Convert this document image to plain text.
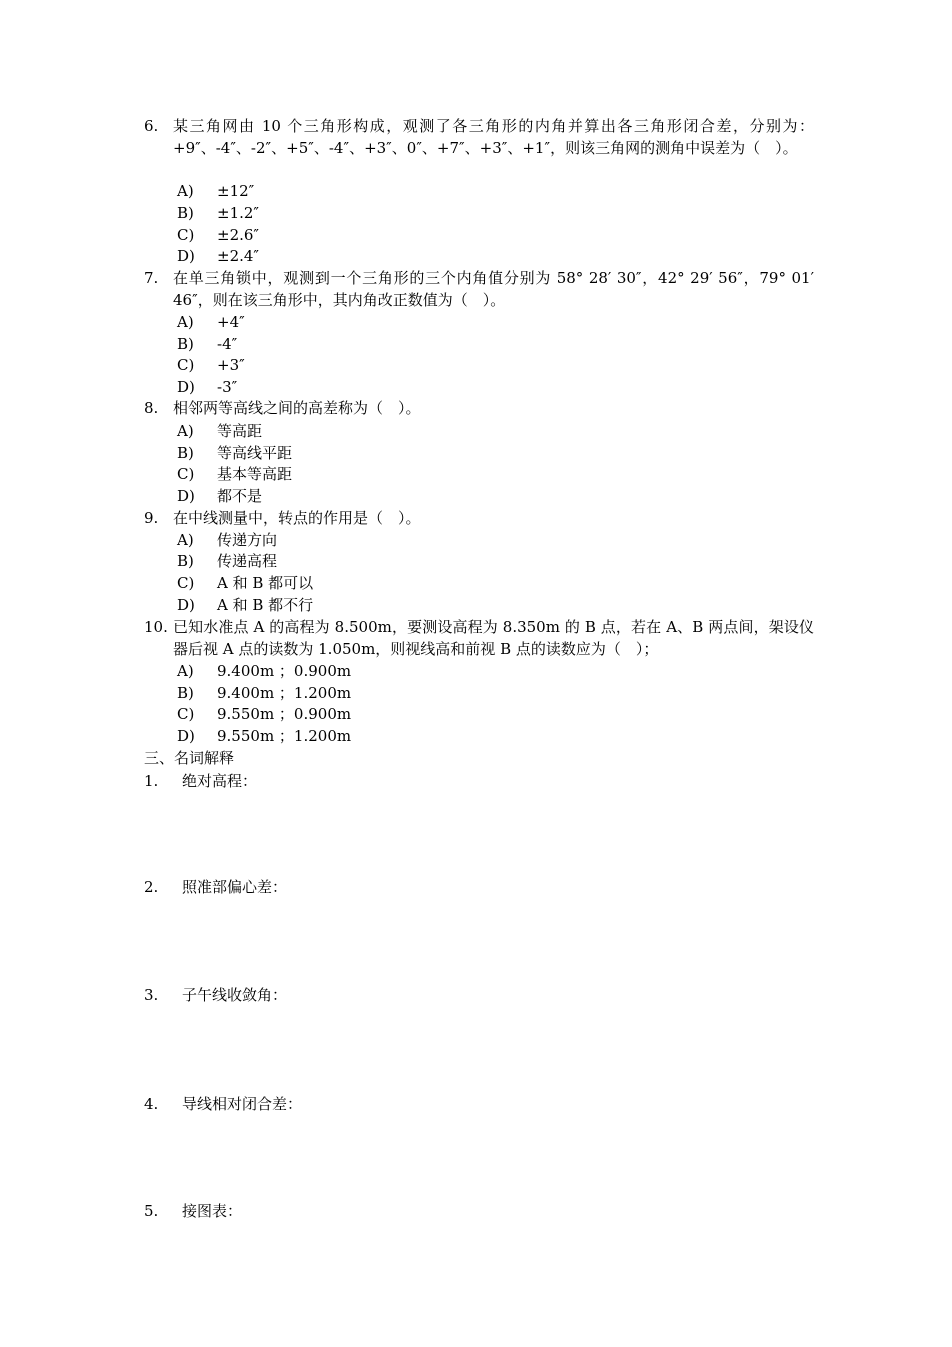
6. 某三角网由 10 个三角形构成，观测了各三角形的内角并算出各三角形闭合差，分别为：+9″、-4″、-2″、+5″、-4″、+3″、0″、+7″、+3″、+1″，则该三角网的测角中误差为（　）。
A) ±12″
B) ±1.2″
C) ±2.6″
D) ±2.4″
7. 在单三角锁中，观测到一个三角形的三个内角值分别为 58° 28′ 30″，42° 29′ 56″，79° 01′ 46″，则在该三角形中，其内角改正数值为（　）。
A) +4″
B) -4″
C) +3″
D) -3″
8. 相邻两等高线之间的高差称为（　）。
A) 等高距
B) 等高线平距
C) 基本等高距
D) 都不是
9. 在中线测量中，转点的作用是（　）。
A) 传递方向
B) 传递高程
C) A 和 B 都可以
D) A 和 B 都不行
10. 已知水准点 A 的高程为 8.500m，要测设高程为 8.350m 的 B 点，若在 A、B 两点间，架设仪器后视 A 点的读数为 1.050m，则视线高和前视 B 点的读数应为（　）；
A) 9.400m ；0.900m
B) 9.400m ；1.200m
C) 9.550m ；0.900m
D) 9.550m ；1.200m
三、名词解释
1. 绝对高程：
2. 照准部偏心差：
3. 子午线收敛角：
4. 导线相对闭合差：
5. 接图表：
